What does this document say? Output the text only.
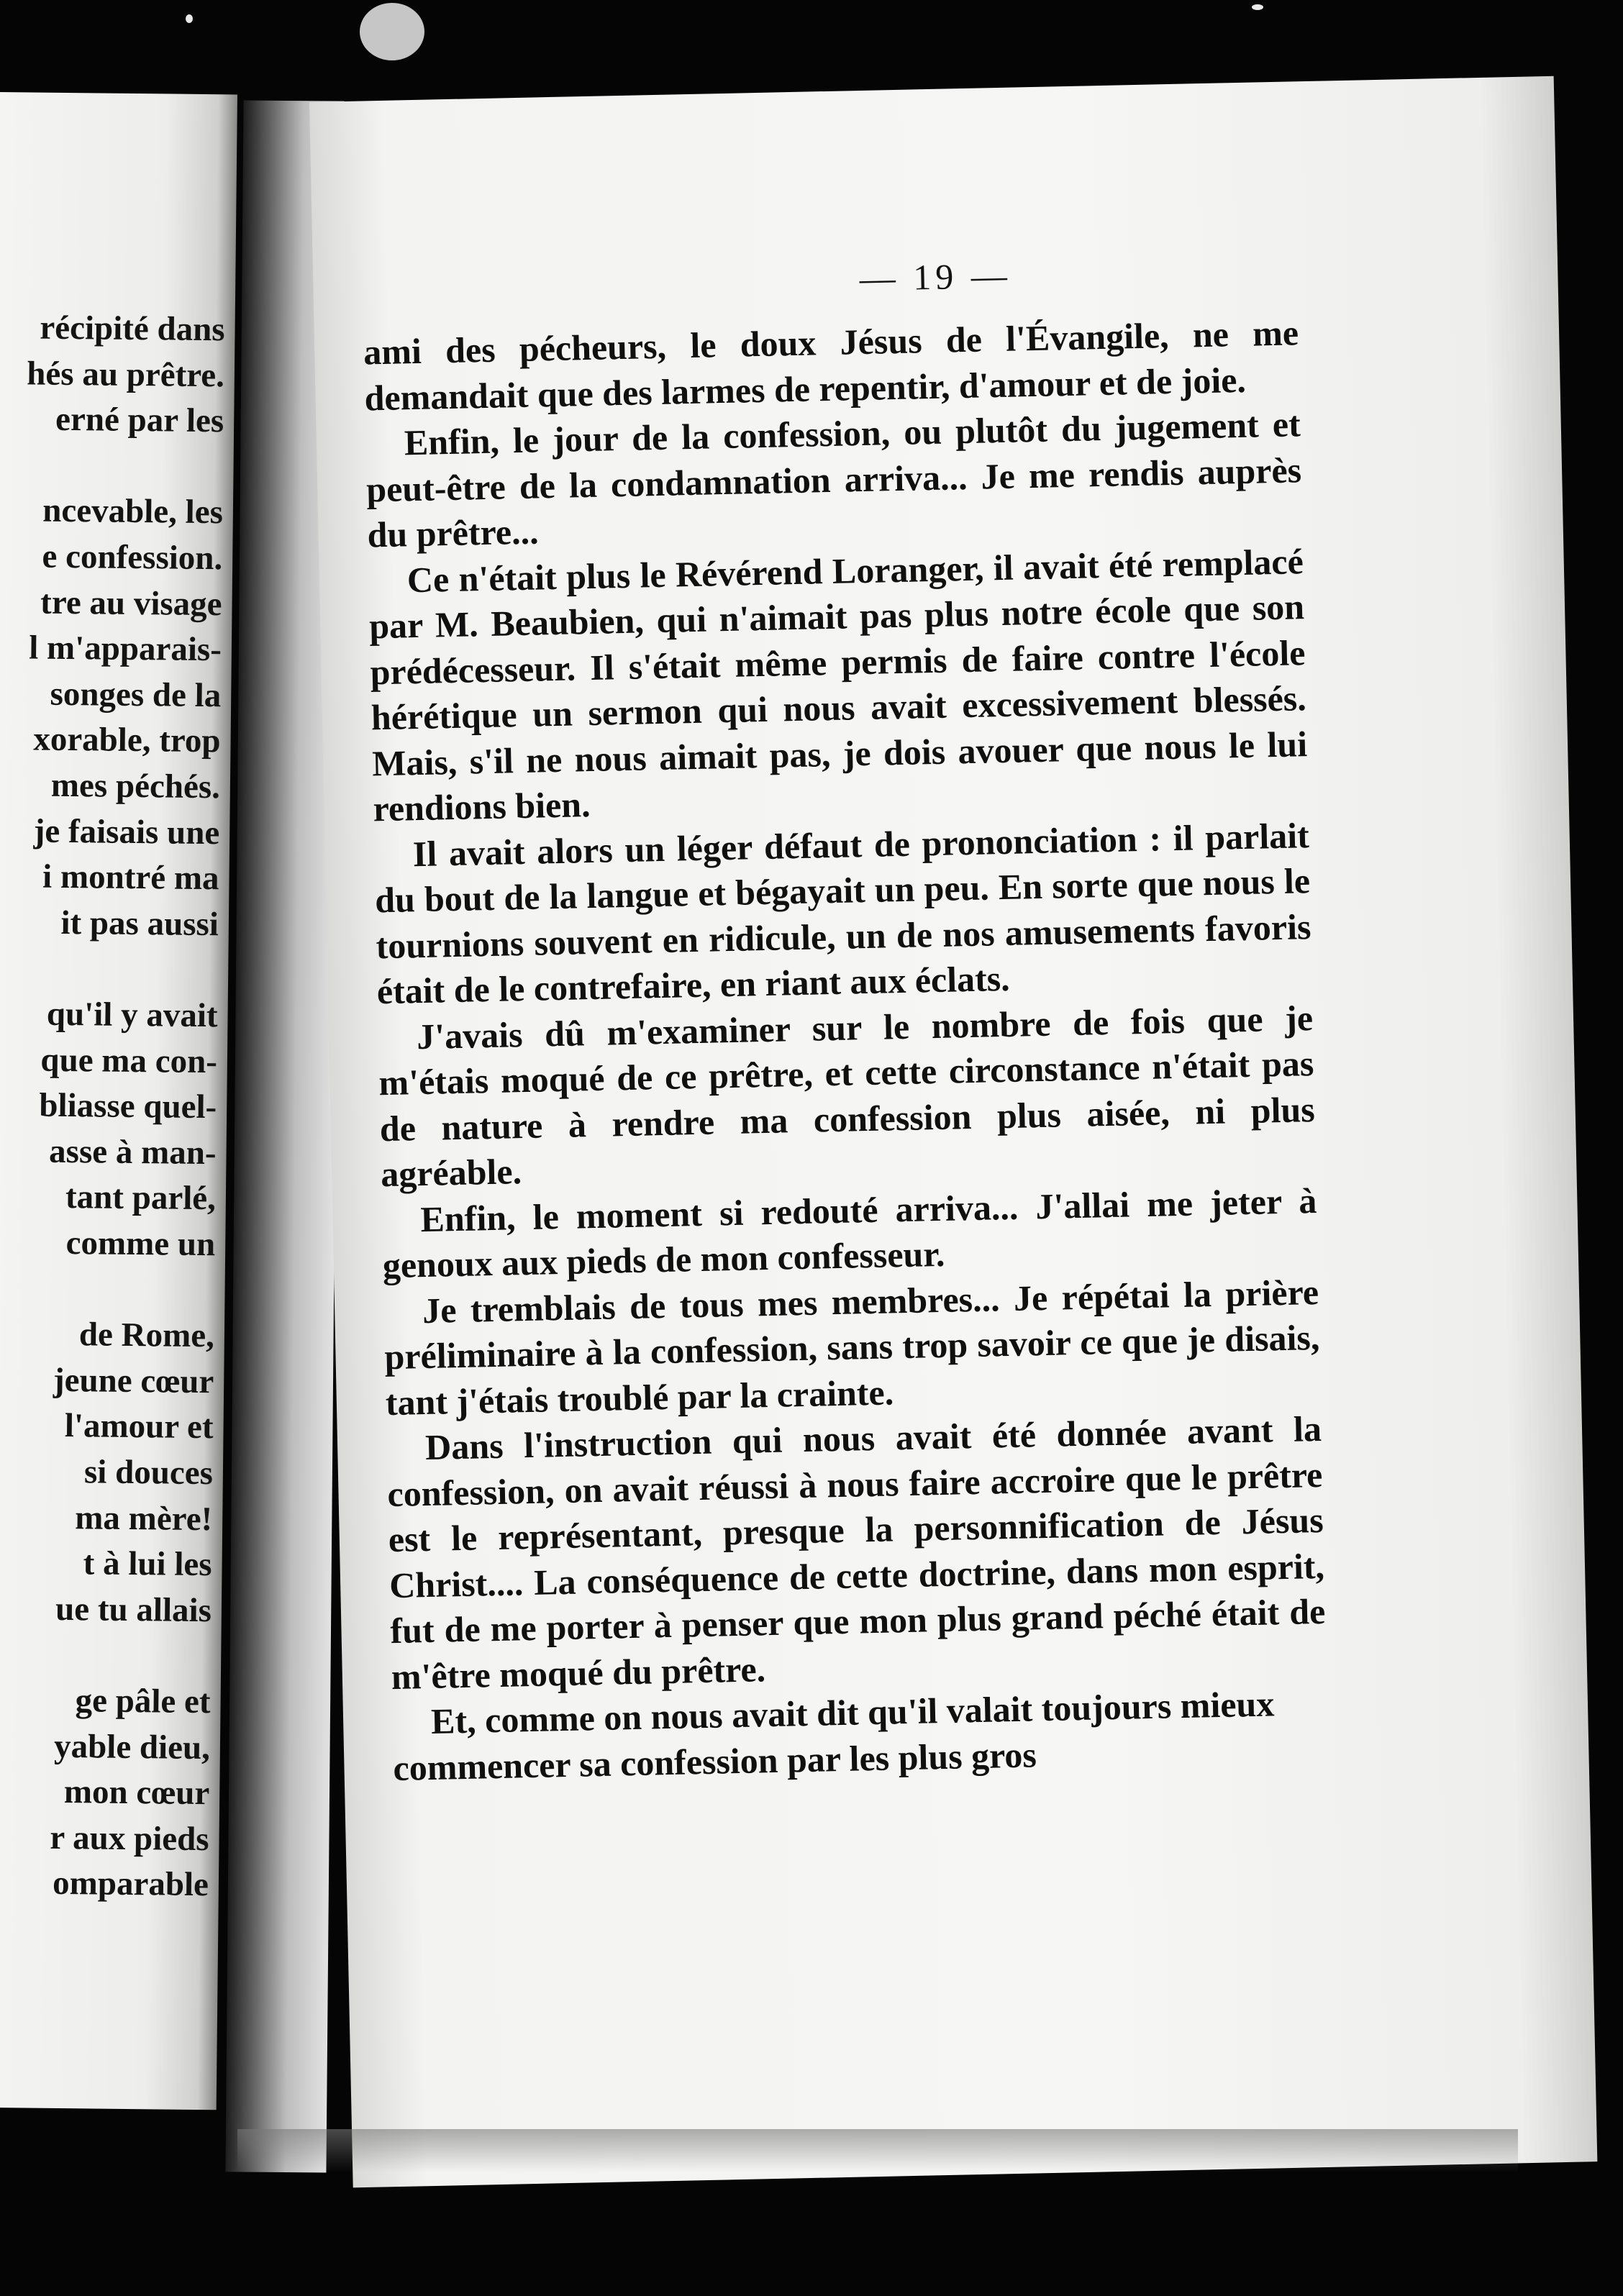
récipité dans
hés au prêtre.
erné par les
ncevable, les
e confession.
tre au visage
l m'apparais-
songes de la
xorable, trop
mes péchés.
je faisais une
i montré ma
it pas aussi
qu'il y avait
que ma con-
bliasse quel-
asse à man-
tant parlé,
comme un
de Rome,
jeune cœur
l'amour et
si douces
ma mère!
t à lui les
ue tu allais
ge pâle et
yable dieu,
mon cœur
r aux pieds
omparable
— 19 —

ami des pécheurs, le doux Jésus de l'Évangile, ne me demandait que des larmes de repentir, d'amour et de joie.

Enfin, le jour de la confession, ou plutôt du jugement et peut-être de la condamnation arriva... Je me rendis auprès du prêtre...

Ce n'était plus le Révérend Loranger, il avait été remplacé par M. Beaubien, qui n'aimait pas plus notre école que son prédécesseur. Il s'était même permis de faire contre l'école hérétique un sermon qui nous avait excessivement blessés. Mais, s'il ne nous aimait pas, je dois avouer que nous le lui rendions bien.

Il avait alors un léger défaut de prononciation : il parlait du bout de la langue et bégayait un peu. En sorte que nous le tournions souvent en ridicule, un de nos amusements favoris était de le contrefaire, en riant aux éclats.

J'avais dû m'examiner sur le nombre de fois que je m'étais moqué de ce prêtre, et cette circonstance n'était pas de nature à rendre ma confession plus aisée, ni plus agréable.

Enfin, le moment si redouté arriva... J'allai me jeter à genoux aux pieds de mon confesseur.

Je tremblais de tous mes membres... Je répétai la prière préliminaire à la confession, sans trop savoir ce que je disais, tant j'étais troublé par la crainte.

Dans l'instruction qui nous avait été donnée avant la confession, on avait réussi à nous faire accroire que le prêtre est le représentant, presque la personnification de Jésus Christ.... La conséquence de cette doctrine, dans mon esprit, fut de me porter à penser que mon plus grand péché était de m'être moqué du prêtre.

Et, comme on nous avait dit qu'il valait toujours mieux commencer sa confession par les plus gros
